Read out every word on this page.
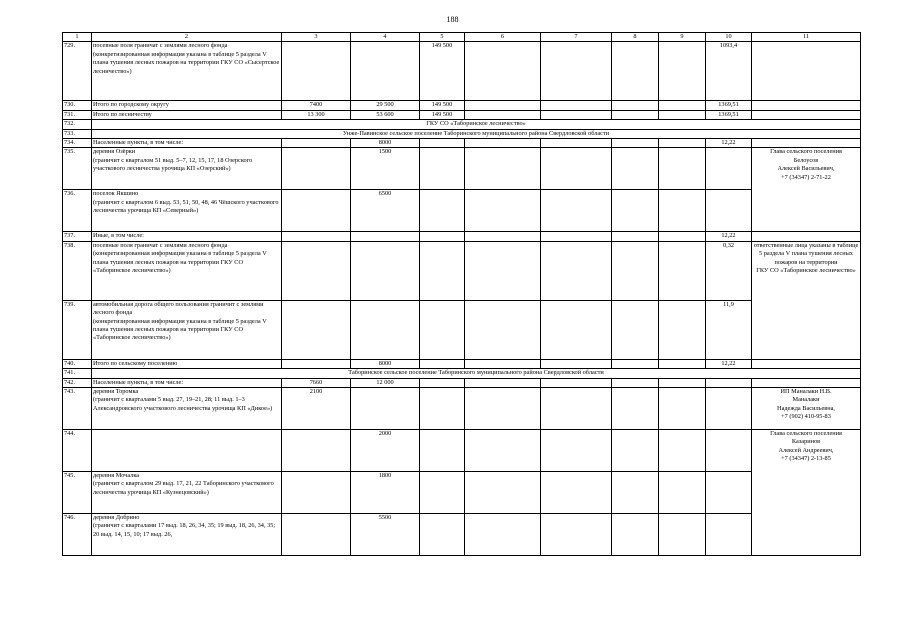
188
1	2	3	4	5	6	7	8	9	10	11
729.	посевные поля граничат с землями лесного фонда
(конкретизированная информация указана в таблице 5 раздела V плана тушения лесных пожаров на территории ГКУ СО «Сысертское лесничество»)			149 500					1093,4	
730.	Итого по городскому округу	7400	29 500	149 500					1369,51	
731.	Итого по лесничеству	13 300	53 600	149 500					1369,51	
732.	ГКУ СО «Таборинское лесничество»									
733.	Унже-Павинское сельское поселение Таборинского муниципального района Свердловской области									
734.	Населенные пункты, в том числе:		8000						12,22	
735.	деревня Озёрки
(граничит с кварталом 51 выд. 5–7, 12, 15, 17, 18 Озерского участкового лесничества урочища КП «Озерский»)		1500							Глава сельского поселения
Белоусов
Алексей Васильевич,
+7 (34347) 2-71-22
736.	поселок Якшино
(граничит с кварталом 6 выд. 53, 51, 50, 48, 46 Чёшского участкового лесничества урочища КП «Северный»)		6500							
737.	Иные, в том числе:								12,22	
738.	посевные поля граничат с землями лесного фонда
(конкретизированная информация указана в таблице 5 раздела V плана тушения лесных пожаров на территории ГКУ СО «Таборинское лесничество»)								0,32	ответственные лица указаны в таблице 5 раздела V плана тушения лесных пожаров на территории
ГКУ СО «Таборинское лесничество»
739.	автомобильная дорога общего пользования граничит с землями лесного фонда
(конкретизированная информация указана в таблице 5 раздела V плана тушения лесных пожаров на территории ГКУ СО «Таборинское лесничество»)								11,9	
740.	Итого по сельскому поселению		8000						12,22	
741.	Таборинское сельское поселение Таборинского муниципального района Свердловской области									
742.	Населенные пункты, в том числе:	7660	12 000							
743.	деревня Торомка
(граничит с кварталами 5 выд. 27, 19–21, 28; 11 выд. 1–3 Александровского участкового лесничества урочища КП «Дикое»)	2100								ИП Маналаки Н.В.
Маналаки
Надежда Васильевна,
+7 (902) 410-95-83
744.			2000							Глава сельского поселения
Казаринов
Алексей Андреевич,
+7 (34347) 2-13-85
745.	деревня Мочалка
(граничит с кварталом 29 выд. 17, 21, 22 Таборинского участкового лесничества урочища КП «Кузнецовский»)		1800							
746.	деревня Добрино
(граничит с кварталами 17 выд. 18, 26, 34, 35; 19 выд. 18, 26, 34, 35; 20 выд. 14, 15, 10; 17 выд. 26,		5500							
